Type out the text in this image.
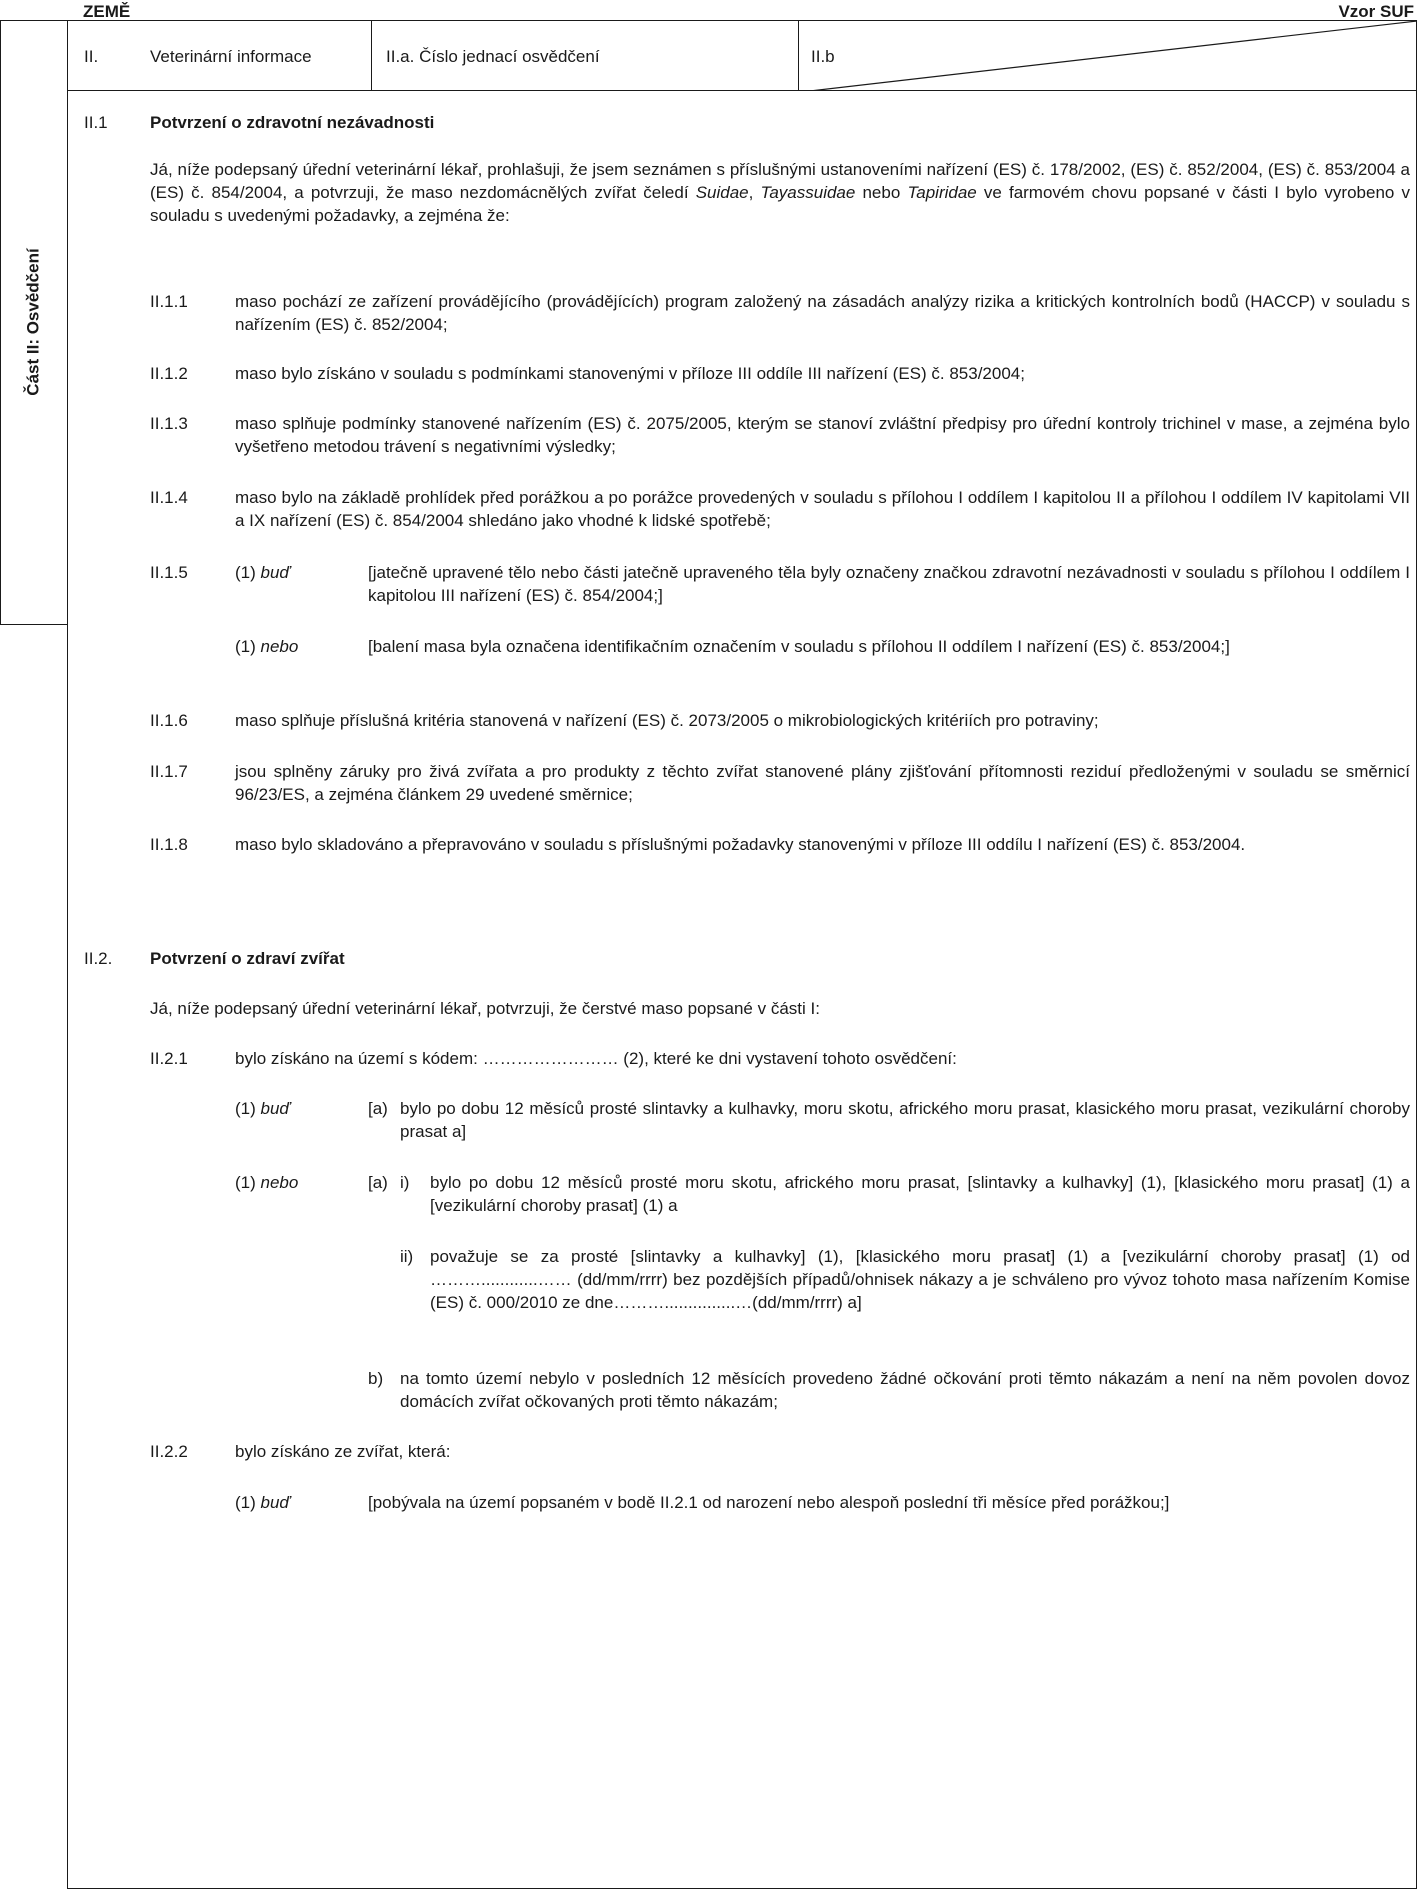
ZEMĚ	Vzor SUF
Část II: Osvědčení
II.	Veterinární informace	II.a. Číslo jednací osvědčení	II.b
II.1 Potvrzení o zdravotní nezávadnosti
Já, níže podepsaný úřední veterinární lékař, prohlašuji, že jsem seznámen s příslušnými ustanoveními nařízení (ES) č. 178/2002, (ES) č. 852/2004, (ES) č. 853/2004 a (ES) č. 854/2004, a potvrzuji, že maso nezdomácnělých zvířat čeledí Suidae, Tayassuidae nebo Tapiridae ve farmovém chovu popsané v části I bylo vyrobeno v souladu s uvedenými požadavky, a zejména že:
II.1.1	maso pochází ze zařízení provádějícího (provádějících) program založený na zásadách analýzy rizika a kritických kontrolních bodů (HACCP) v souladu s nařízením (ES) č. 852/2004;
II.1.2	maso bylo získáno v souladu s podmínkami stanovenými v příloze III oddíle III nařízení (ES) č. 853/2004;
II.1.3	maso splňuje podmínky stanovené nařízením (ES) č. 2075/2005, kterým se stanoví zvláštní předpisy pro úřední kontroly trichinel v mase, a zejména bylo vyšetřeno metodou trávení s negativními výsledky;
II.1.4	maso bylo na základě prohlídek před porážkou a po porážce provedených v souladu s přílohou I oddílem I kapitolou II a přílohou I oddílem IV kapitolami VII a IX nařízení (ES) č. 854/2004 shledáno jako vhodné k lidské spotřebě;
II.1.5	(1) buď	[jatečně upravené tělo nebo části jatečně upraveného těla byly označeny značkou zdravotní nezávadnosti v souladu s přílohou I oddílem I kapitolou III nařízení (ES) č. 854/2004;]
(1) nebo	[balení masa byla označena identifikačním označením v souladu s přílohou II oddílem I nařízení (ES) č. 853/2004;]
II.1.6	maso splňuje příslušná kritéria stanovená v nařízení (ES) č. 2073/2005 o mikrobiologických kritériích pro potraviny;
II.1.7	jsou splněny záruky pro živá zvířata a pro produkty z těchto zvířat stanovené plány zjišťování přítomnosti reziduí předloženými v souladu se směrnicí 96/23/ES, a zejména článkem 29 uvedené směrnice;
II.1.8	maso bylo skladováno a přepravováno v souladu s příslušnými požadavky stanovenými v příloze III oddílu I nařízení (ES) č. 853/2004.
II.2. Potvrzení o zdraví zvířat
Já, níže podepsaný úřední veterinární lékař, potvrzuji, že čerstvé maso popsané v části I:
II.2.1	bylo získáno na území s kódem: …………………… (2), které ke dni vystavení tohoto osvědčení:
(1) buď	[a) bylo po dobu 12 měsíců prosté slintavky a kulhavky, moru skotu, afrického moru prasat, klasického moru prasat, vezikulární choroby prasat a]
(1) nebo	[a) i) bylo po dobu 12 měsíců prosté moru skotu, afrického moru prasat, [slintavky a kulhavky] (1), [klasického moru prasat] (1) a [vezikulární choroby prasat] (1) a
ii) považuje se za prosté [slintavky a kulhavky] (1), [klasického moru prasat] (1) a [vezikulární choroby prasat] (1) od ………............…… (dd/mm/rrrr) bez pozdějších případů/ohnisek nákazy a je schváleno pro vývoz tohoto masa nařízením Komise (ES) č. 000/2010 ze dne………...............…(dd/mm/rrrr) a]
b) na tomto území nebylo v posledních 12 měsících provedeno žádné očkování proti těmto nákazám a není na něm povolen dovoz domácích zvířat očkovaných proti těmto nákazám;
II.2.2	bylo získáno ze zvířat, která:
(1) buď	[pobývala na území popsaném v bodě II.2.1 od narození nebo alespoň poslední tři měsíce před porážkou;]
